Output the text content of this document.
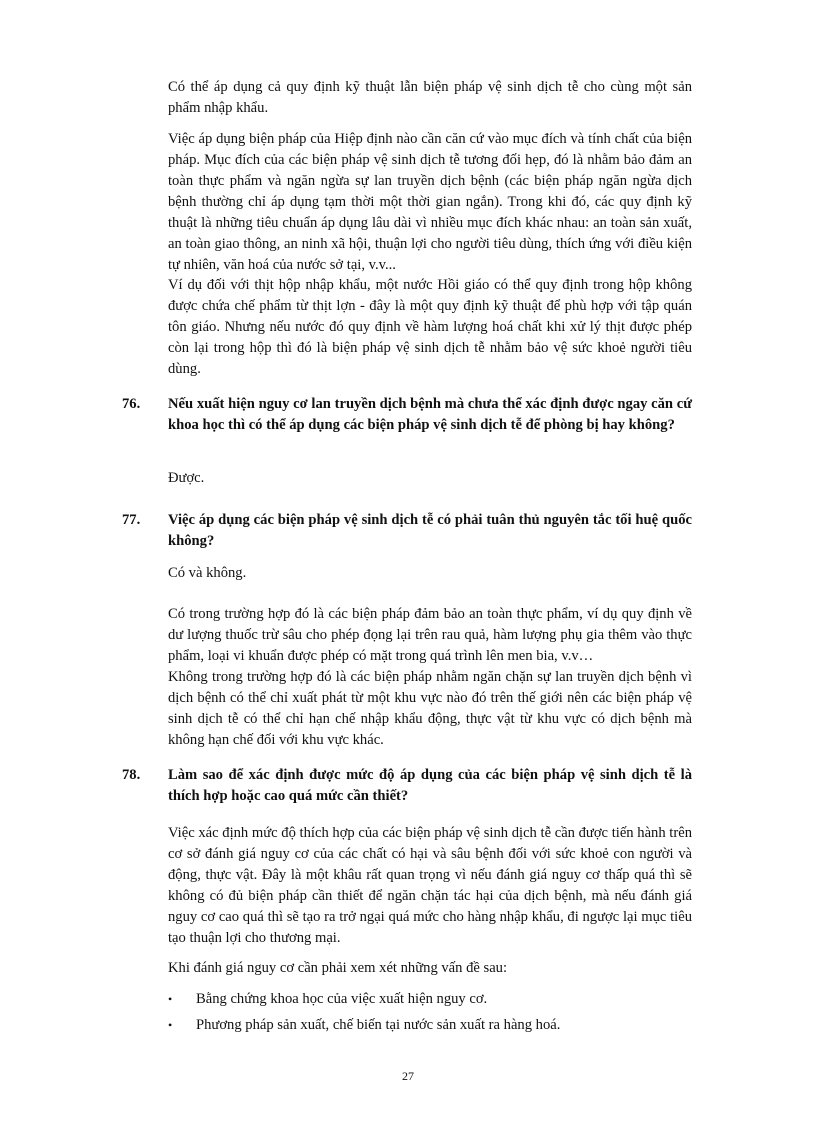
Có thể áp dụng cả quy định kỹ thuật lẫn biện pháp vệ sinh dịch tễ cho cùng một sản phẩm nhập khẩu.

Việc áp dụng biện pháp của Hiệp định nào cần căn cứ vào mục đích và tính chất của biện pháp. Mục đích của các biện pháp vệ sinh dịch tễ tương đối hẹp, đó là nhằm bảo đảm an toàn thực phẩm và ngăn ngừa sự lan truyền dịch bệnh (các biện pháp ngăn ngừa dịch bệnh thường chỉ áp dụng tạm thời một thời gian ngắn). Trong khi đó, các quy định kỹ thuật là những tiêu chuẩn áp dụng lâu dài vì nhiều mục đích khác nhau: an toàn sản xuất, an toàn giao thông, an ninh xã hội, thuận lợi cho người tiêu dùng, thích ứng với điều kiện tự nhiên, văn hoá của nước sở tại, v.v...

Ví dụ đối với thịt hộp nhập khẩu, một nước Hồi giáo có thể quy định trong hộp không được chứa chế phẩm từ thịt lợn - đây là một quy định kỹ thuật để phù hợp với tập quán tôn giáo. Nhưng nếu nước đó quy định về hàm lượng hoá chất khi xử lý thịt được phép còn lại trong hộp thì đó là biện pháp vệ sinh dịch tễ nhằm bảo vệ sức khoẻ người tiêu dùng.

76. Nếu xuất hiện nguy cơ lan truyền dịch bệnh mà chưa thể xác định được ngay căn cứ khoa học thì có thể áp dụng các biện pháp vệ sinh dịch tễ để phòng bị hay không?

Được.

77. Việc áp dụng các biện pháp vệ sinh dịch tễ có phải tuân thủ nguyên tắc tối huệ quốc không?

Có và không.

Có trong trường hợp đó là các biện pháp đảm bảo an toàn thực phẩm, ví dụ quy định về dư lượng thuốc trừ sâu cho phép đọng lại trên rau quả, hàm lượng phụ gia thêm vào thực phẩm, loại vi khuẩn được phép có mặt trong quá trình lên men bia, v.v…

Không trong trường hợp đó là các biện pháp nhằm ngăn chặn sự lan truyền dịch bệnh vì dịch bệnh có thể chỉ xuất phát từ một khu vực nào đó trên thế giới nên các biện pháp vệ sinh dịch tễ có thể chỉ hạn chế nhập khẩu động, thực vật từ khu vực có dịch bệnh mà không hạn chế đối với khu vực khác.

78. Làm sao để xác định được mức độ áp dụng của các biện pháp vệ sinh dịch tễ là thích hợp hoặc cao quá mức cần thiết?

Việc xác định mức độ thích hợp của các biện pháp vệ sinh dịch tễ cần được tiến hành trên cơ sở đánh giá nguy cơ của các chất có hại và sâu bệnh đối với sức khoẻ con người và động, thực vật. Đây là một khâu rất quan trọng vì nếu đánh giá nguy cơ thấp quá thì sẽ không có đủ biện pháp cần thiết để ngăn chặn tác hại của dịch bệnh, mà nếu đánh giá nguy cơ cao quá thì sẽ tạo ra trở ngại quá mức cho hàng nhập khẩu, đi ngược lại mục tiêu tạo thuận lợi cho thương mại.

Khi đánh giá nguy cơ cần phải xem xét những vấn đề sau:

• Bằng chứng khoa học của việc xuất hiện nguy cơ.
• Phương pháp sản xuất, chế biến tại nước sản xuất ra hàng hoá.
27
